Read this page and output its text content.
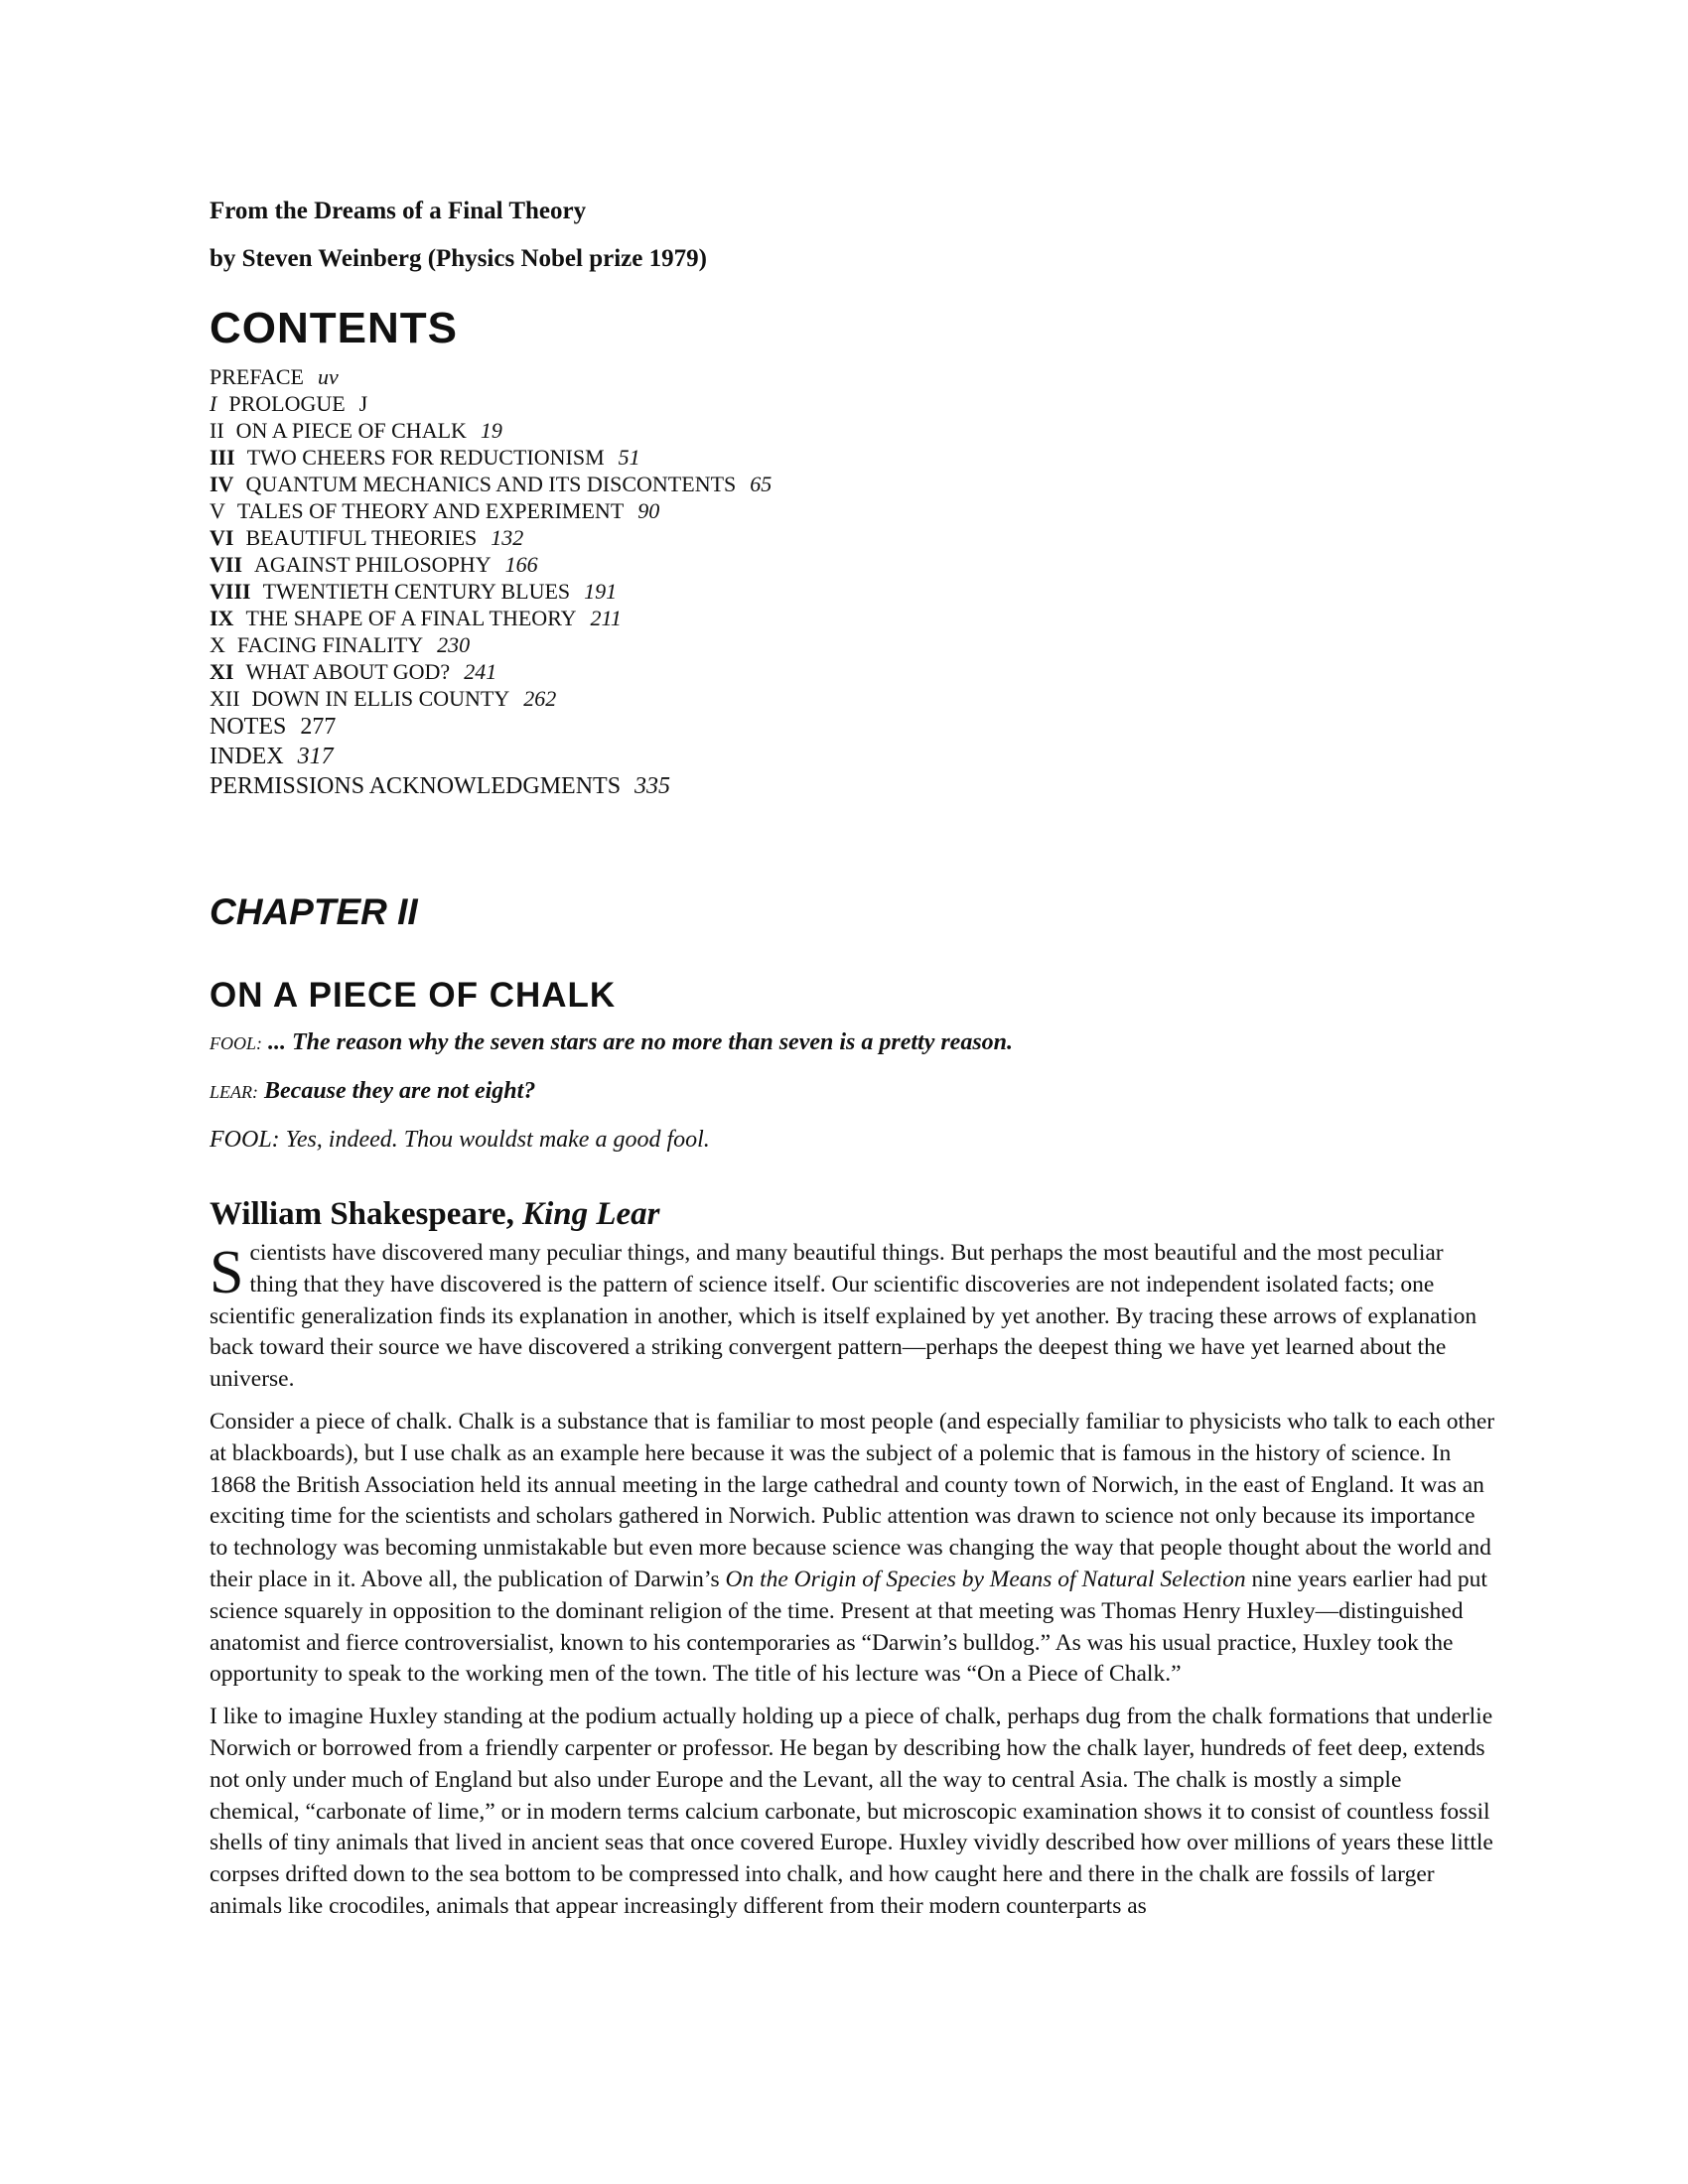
From the Dreams of a Final Theory

by Steven Weinberg (Physics Nobel prize 1979)

CONTENTS
PREFACE uv
I PROLOGUE J
II ON A PIECE OF CHALK 19
III TWO CHEERS FOR REDUCTIONISM 51
IV QUANTUM MECHANICS AND ITS DISCONTENTS 65
V TALES OF THEORY AND EXPERIMENT 90
VI BEAUTIFUL THEORIES 132
VII AGAINST PHILOSOPHY 166
VIII TWENTIETH CENTURY BLUES 191
IX THE SHAPE OF A FINAL THEORY 211
X FACING FINALITY 230
XI WHAT ABOUT GOD? 241
XII DOWN IN ELLIS COUNTY 262
NOTES 277
INDEX 317
PERMISSIONS ACKNOWLEDGMENTS 335
CHAPTER II
ON A PIECE OF CHALK

FOOL: ... The reason why the seven stars are no more than seven is a pretty reason.

LEAR: Because they are not eight?

FOOL: Yes, indeed. Thou wouldst make a good fool.

William Shakespeare, King Lear

Scientists have discovered many peculiar things, and many beautiful things. But perhaps the most beautiful and the most peculiar thing that they have discovered is the pattern of science itself. Our scientific discoveries are not independent isolated facts; one scientific generalization finds its explanation in another, which is itself explained by yet another. By tracing these arrows of explanation back toward their source we have discovered a striking convergent pattern—perhaps the deepest thing we have yet learned about the universe.

Consider a piece of chalk. Chalk is a substance that is familiar to most people (and especially familiar to physicists who talk to each other at blackboards), but I use chalk as an example here because it was the subject of a polemic that is famous in the history of science. In 1868 the British Association held its annual meeting in the large cathedral and county town of Norwich, in the east of England. It was an exciting time for the scientists and scholars gathered in Norwich. Public attention was drawn to science not only because its importance to technology was becoming unmistakable but even more because science was changing the way that people thought about the world and their place in it. Above all, the publication of Darwin’s On the Origin of Species by Means of Natural Selection nine years earlier had put science squarely in opposition to the dominant religion of the time. Present at that meeting was Thomas Henry Huxley—distinguished anatomist and fierce controversialist, known to his contemporaries as “Darwin’s bulldog.” As was his usual practice, Huxley took the opportunity to speak to the working men of the town. The title of his lecture was “On a Piece of Chalk.”

I like to imagine Huxley standing at the podium actually holding up a piece of chalk, perhaps dug from the chalk formations that underlie Norwich or borrowed from a friendly carpenter or professor. He began by describing how the chalk layer, hundreds of feet deep, extends not only under much of England but also under Europe and the Levant, all the way to central Asia. The chalk is mostly a simple chemical, “carbonate of lime,” or in modern terms calcium carbonate, but microscopic examination shows it to consist of countless fossil shells of tiny animals that lived in ancient seas that once covered Europe. Huxley vividly described how over millions of years these little corpses drifted down to the sea bottom to be compressed into chalk, and how caught here and there in the chalk are fossils of larger animals like crocodiles, animals that appear increasingly different from their modern counterparts as
